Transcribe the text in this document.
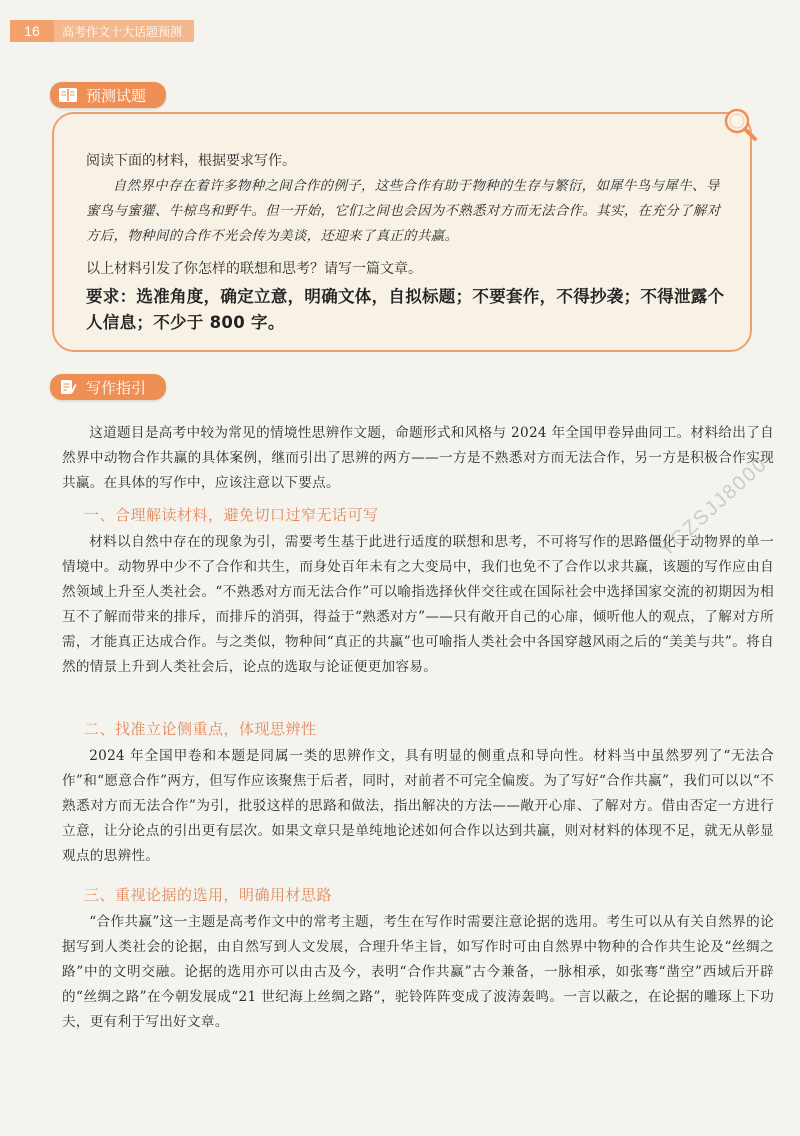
16	高考作文十大话题预测
预测试题

阅读下面的材料，根据要求写作。

自然界中存在着许多物种之间合作的例子，这些合作有助于物种的生存与繁衍，如犀牛鸟与犀牛、导蜜鸟与蜜獾、牛椋鸟和野牛。但一开始，它们之间也会因为不熟悉对方而无法合作。其实，在充分了解对方后，物种间的合作不光会传为美谈，还迎来了真正的共赢。

以上材料引发了你怎样的联想和思考？请写一篇文章。

要求：选准角度，确定立意，明确文体，自拟标题；不要套作，不得抄袭；不得泄露个人信息；不少于 800 字。

写作指引

这道题目是高考中较为常见的情境性思辨作文题，命题形式和风格与 2024 年全国甲卷异曲同工。材料给出了自然界中动物合作共赢的具体案例，继而引出了思辨的两方——一方是不熟悉对方而无法合作，另一方是积极合作实现共赢。在具体的写作中，应该注意以下要点。

一、合理解读材料，避免切口过窄无话可写

材料以自然中存在的现象为引，需要考生基于此进行适度的联想和思考，不可将写作的思路僵化于动物界的单一情境中。动物界中少不了合作和共生，而身处百年未有之大变局中，我们也免不了合作以求共赢，该题的写作应由自然领域上升至人类社会。“不熟悉对方而无法合作”可以喻指选择伙伴交往或在国际社会中选择国家交流的初期因为相互不了解而带来的排斥，而排斥的消弭，得益于“熟悉对方”——只有敞开自己的心扉，倾听他人的观点，了解对方所需，才能真正达成合作。与之类似，物种间“真正的共赢”也可喻指人类社会中各国穿越风雨之后的“美美与共”。将自然的情景上升到人类社会后，论点的选取与论证便更加容易。

二、找准立论侧重点，体现思辨性

2024 年全国甲卷和本题是同属一类的思辨作文，具有明显的侧重点和导向性。材料当中虽然罗列了“无法合作”和“愿意合作”两方，但写作应该聚焦于后者，同时，对前者不可完全偏废。为了写好“合作共赢”，我们可以以“不熟悉对方而无法合作”为引，批驳这样的思路和做法，指出解决的方法——敞开心扉、了解对方。借由否定一方进行立意，让分论点的引出更有层次。如果文章只是单纯地论述如何合作以达到共赢，则对材料的体现不足，就无从彰显观点的思辨性。

三、重视论据的选用，明确用材思路

“合作共赢”这一主题是高考作文中的常考主题，考生在写作时需要注意论据的选用。考生可以从有关自然界的论据写到人类社会的论据，由自然写到人文发展，合理升华主旨，如写作时可由自然界中物种的合作共生论及“丝绸之路”中的文明交融。论据的选用亦可以由古及今，表明“合作共赢”古今兼备，一脉相承，如张骞“凿空”西域后开辟的“丝绸之路”在今朝发展成“21 世纪海上丝绸之路”，驼铃阵阵变成了波涛轰鸣。一言以蔽之，在论据的雕琢上下功夫，更有利于写出好文章。

YCZSJJ8000
